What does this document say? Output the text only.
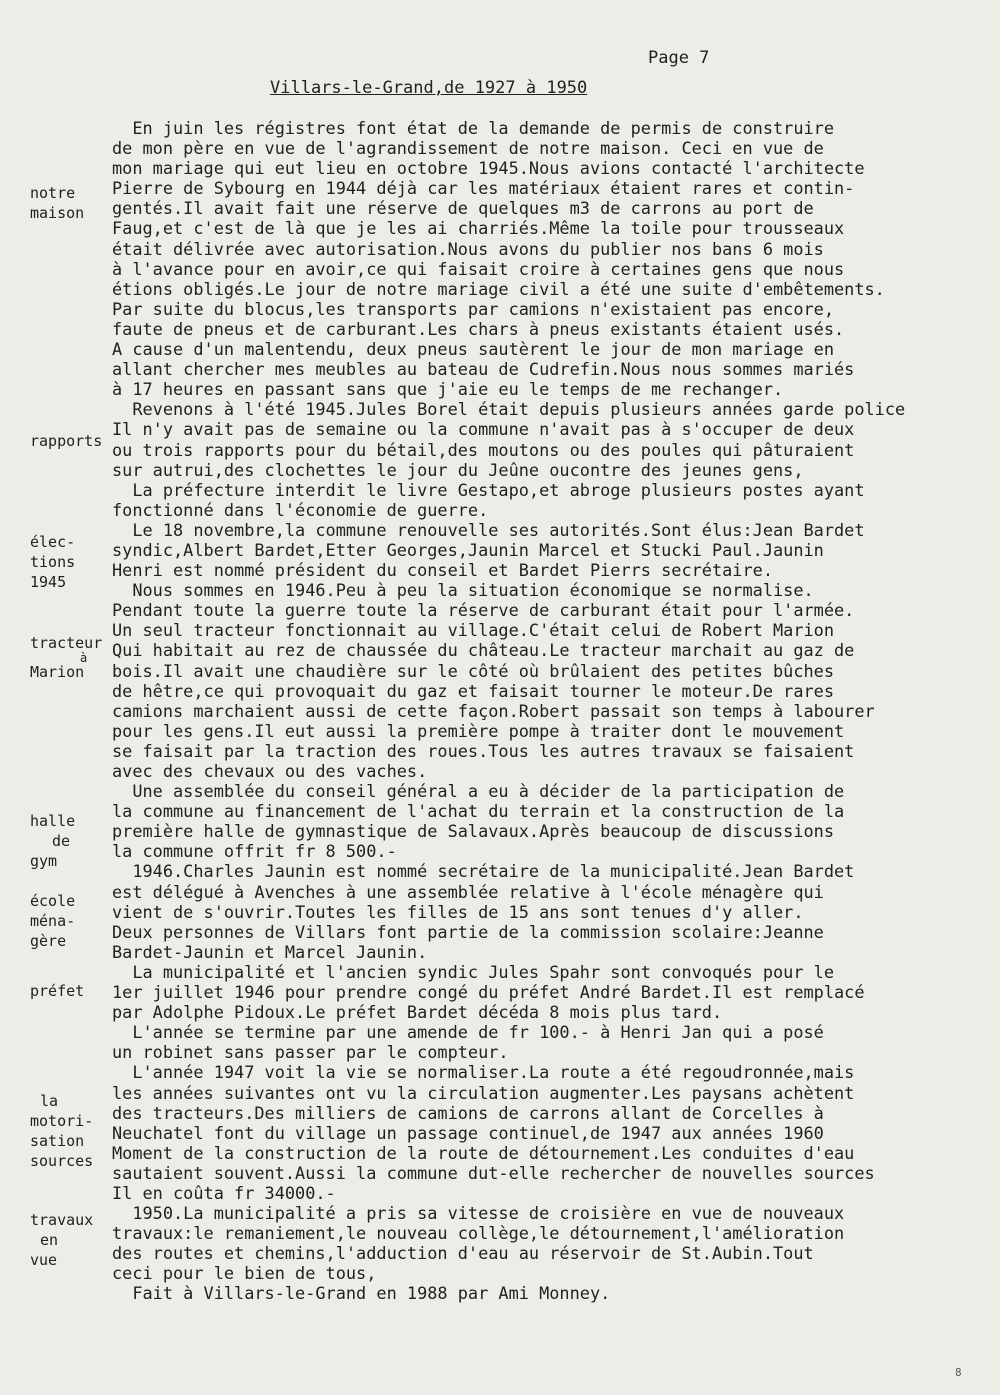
Page 7
Villars-le-Grand,de 1927 à 1950
notre
maison
rapports
élec-
tions
1945
tracteur
à
Marion
halle
de
gym
école
ména-
gère
préfet
la
motori-
sation
sources
travaux
en
vue
En juin les régistres font état de la demande de permis de construire
de mon père en vue de l'agrandissement de notre maison. Ceci en vue de
mon mariage qui eut lieu en octobre 1945.Nous avions contacté l'architecte
Pierre de Sybourg en 1944 déjà car les matériaux étaient rares et contin-
gentés.Il avait fait une réserve de quelques m3 de carrons au port de
Faug,et c'est de là que je les ai charriés.Même la toile pour trousseaux
était délivrée avec autorisation.Nous avons du publier nos bans 6 mois
à l'avance pour en avoir,ce qui faisait croire à certaines gens que nous
étions obligés.Le jour de notre mariage civil a été une suite d'embêtements.
Par suite du blocus,les transports par camions n'existaient pas encore,
faute de pneus et de carburant.Les chars à pneus existants étaient usés.
A cause d'un malentendu, deux pneus sautèrent le jour de mon mariage en
allant chercher mes meubles au bateau de Cudrefin.Nous nous sommes mariés
à 17 heures en passant sans que j'aie eu le temps de me rechanger.
Revenons à l'été 1945.Jules Borel était depuis plusieurs années garde police
Il n'y avait pas de semaine ou la commune n'avait pas à s'occuper de deux
ou trois rapports pour du bétail,des moutons ou des poules qui pâturaient
sur autrui,des clochettes le jour du Jeûne oucontre des jeunes gens,
La préfecture interdit le livre Gestapo,et abroge plusieurs postes ayant
fonctionné dans l'économie de guerre.
Le 18 novembre,la commune renouvelle ses autorités.Sont élus:Jean Bardet
syndic,Albert Bardet,Etter Georges,Jaunin Marcel et Stucki Paul.Jaunin
Henri est nommé président du conseil et Bardet Pierrs secrétaire.
Nous sommes en 1946.Peu à peu la situation économique se normalise.
Pendant toute la guerre toute la réserve de carburant était pour l'armée.
Un seul tracteur fonctionnait au village.C'était celui de Robert Marion
Qui habitait au rez de chaussée du château.Le tracteur marchait au gaz de
bois.Il avait une chaudière sur le côté où brûlaient des petites bûches
de hêtre,ce qui provoquait du gaz et faisait tourner le moteur.De rares
camions marchaient aussi de cette façon.Robert passait son temps à labourer
pour les gens.Il eut aussi la première pompe à traiter dont le mouvement
se faisait par la traction des roues.Tous les autres travaux se faisaient
avec des chevaux ou des vaches.
Une assemblée du conseil général a eu à décider de la participation de
la commune au financement de l'achat du terrain et la construction de la
première halle de gymnastique de Salavaux.Après beaucoup de discussions
la commune offrit fr 8 500.-
1946.Charles Jaunin est nommé secrétaire de la municipalité.Jean Bardet
est délégué à Avenches à une assemblée relative à l'école ménagère qui
vient de s'ouvrir.Toutes les filles de 15 ans sont tenues d'y aller.
Deux personnes de Villars font partie de la commission scolaire:Jeanne
Bardet-Jaunin et Marcel Jaunin.
La municipalité et l'ancien syndic Jules Spahr sont convoqués pour le
1er juillet 1946 pour prendre congé du préfet André Bardet.Il est remplacé
par Adolphe Pidoux.Le préfet Bardet décéda 8 mois plus tard.
L'année se termine par une amende de fr 100.- à Henri Jan qui a posé
un robinet sans passer par le compteur.
L'année 1947 voit la vie se normaliser.La route a été regoudronnée,mais
les années suivantes ont vu la circulation augmenter.Les paysans achètent
des tracteurs.Des milliers de camions de carrons allant de Corcelles à
Neuchatel font du village un passage continuel,de 1947 aux années 1960
Moment de la construction de la route de détournement.Les conduites d'eau
sautaient souvent.Aussi la commune dut-elle rechercher de nouvelles sources
Il en coûta fr 34000.-
1950.La municipalité a pris sa vitesse de croisière en vue de nouveaux
travaux:le remaniement,le nouveau collège,le détournement,l'amélioration
des routes et chemins,l'adduction d'eau au réservoir de St.Aubin.Tout
ceci pour le bien de tous,
Fait à Villars-le-Grand en 1988 par Ami Monney.
8
